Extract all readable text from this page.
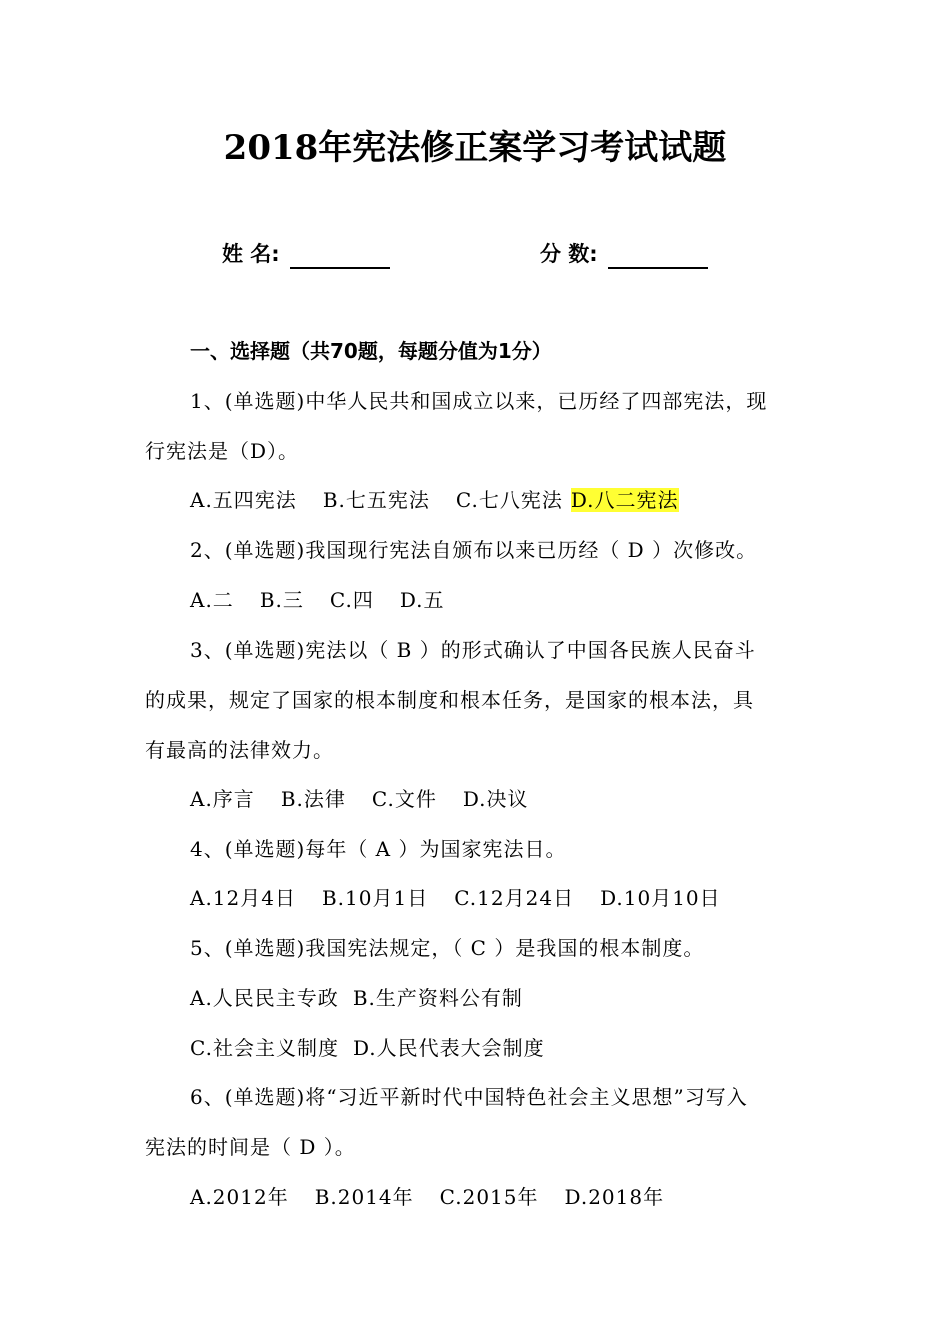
2018年宪法修正案学习考试试题
姓 名:	分 数:
一、选择题（共70题，每题分值为1分）
1、(单选题)中华人民共和国成立以来，已历经了四部宪法，现
行宪法是（D）。
A.五四宪法 B.七五宪法 C.七八宪法 D.八二宪法
2、(单选题)我国现行宪法自颁布以来已历经（ D ）次修改。
A.二 B.三 C.四 D.五
3、(单选题)宪法以（ B ）的形式确认了中国各民族人民奋斗
的成果，规定了国家的根本制度和根本任务，是国家的根本法，具
有最高的法律效力。
A.序言 B.法律 C.文件 D.决议
4、(单选题)每年（ A ）为国家宪法日。
A.12月4日 B.10月1日 C.12月24日 D.10月10日
5、(单选题)我国宪法规定，（ C ）是我国的根本制度。
A.人民民主专政 B.生产资料公有制
C.社会主义制度 D.人民代表大会制度
6、(单选题)将“习近平新时代中国特色社会主义思想”习写入
宪法的时间是（ D ）。
A.2012年 B.2014年 C.2015年 D.2018年
